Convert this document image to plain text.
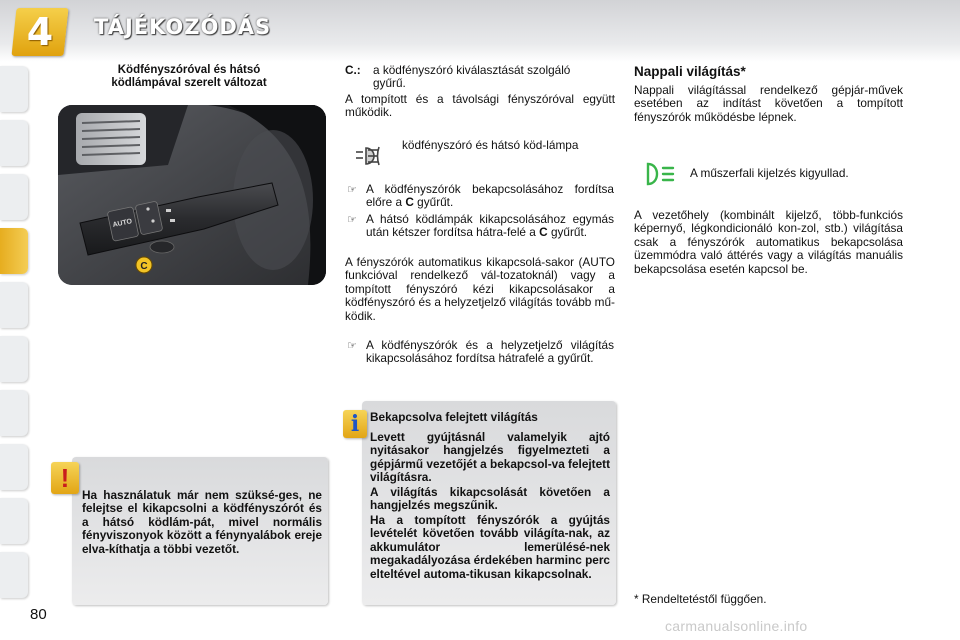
4	TÁJÉKOZÓDÁS
Ködfényszóróval és hátsó ködlámpával szerelt változat
AUTO
C
!
Ha használatuk már nem szüksé-ges, ne felejtse el kikapcsolni a ködfényszórót és a hátsó ködlám-pát, mivel normális fényviszonyok között a fénynyalábok ereje elva-kíthatja a többi vezetőt.
C.: a ködfényszóró kiválasztását szolgáló gyűrű.
A tompított és a távolsági fényszóróval együtt működik.
ködfényszóró és hátsó köd-lámpa
☞ A ködfényszórók bekapcsolásához fordítsa előre a C gyűrűt.
☞ A hátsó ködlámpák kikapcsolásához egymás után kétszer fordítsa hátra-felé a C gyűrűt.
A fényszórók automatikus kikapcsolá-sakor (AUTO funkcióval rendelkező vál-tozatoknál) vagy a tompított fényszóró kézi kikapcsolásakor a ködfényszóró és a helyzetjelző világítás tovább mű-ködik.
☞ A ködfényszórók és a helyzetjelző világítás kikapcsolásához fordítsa hátrafelé a gyűrűt.
i Bekapcsolva felejtett világítás
Levett gyújtásnál valamelyik ajtó nyitásakor hangjelzés figyelmezteti a gépjármű vezetőjét a bekapcsol-va felejtett világításra.
A világítás kikapcsolását követően a hangjelzés megszűnik.
Ha a tompított fényszórók a gyújtás levételét követően tovább világíta-nak, az akkumulátor lemerülésé-nek megakadályozása érdekében harminc perc elteltével automa-tikusan kikapcsolnak.
Nappali világítás*
Nappali világítással rendelkező gépjár-művek esetében az indítást követően a tompított fényszórók működésbe lépnek.
A műszerfali kijelzés kigyullad.
A vezetőhely (kombinált kijelző, több-funkciós képernyő, légkondicionáló kon-zol, stb.) világítása csak a fényszórók automatikus bekapcsolása üzemmódra való áttérés vagy a világítás manuális bekapcsolása esetén kapcsol be.
* Rendeltetéstől függően.
80
carmanualsonline.info
